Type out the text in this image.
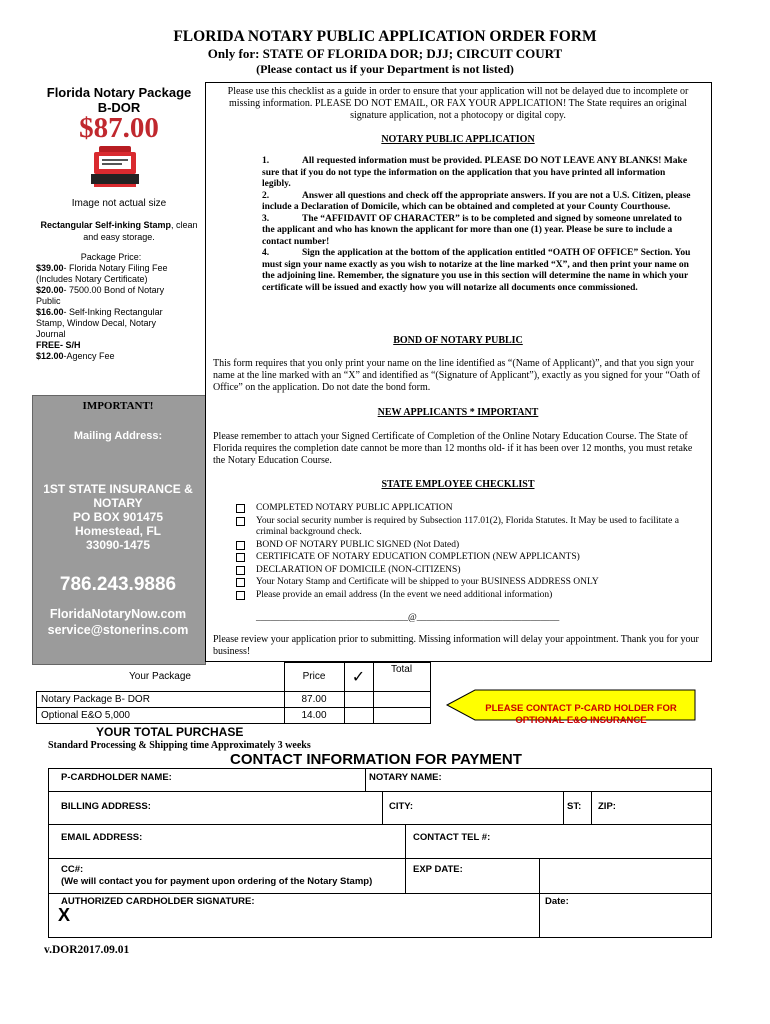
FLORIDA NOTARY PUBLIC APPLICATION ORDER FORM
Only for: STATE OF FLORIDA DOR; DJJ; CIRCUIT COURT
(Please contact us if your Department is not listed)
Florida Notary Package
B-DOR
$87.00
Image not actual size
Rectangular Self-inking Stamp, clean and easy storage.
Package Price:
$39.00- Florida Notary Filing Fee (Includes Notary Certificate)
$20.00- 7500.00 Bond of Notary Public
$16.00- Self-Inking Rectangular Stamp, Window Decal, Notary Journal
FREE- S/H
$12.00-Agency Fee
IMPORTANT!
Mailing Address:
1ST STATE INSURANCE &
NOTARY
PO BOX 901475
Homestead, FL
33090-1475
786.243.9886
FloridaNotaryNow.com
service@stonerins.com
Please use this checklist as a guide in order to ensure that your application will not be delayed due to incomplete or missing information. PLEASE DO NOT EMAIL, OR FAX YOUR APPLICATION! The State requires an original signature application, not a photocopy or digital copy.
NOTARY PUBLIC APPLICATION
1.	All requested information must be provided. PLEASE DO NOT LEAVE ANY BLANKS! Make sure that if you do not type the information on the application that you have printed all information legibly.
2.	Answer all questions and check off the appropriate answers. If you are not a U.S. Citizen, please include a Declaration of Domicile, which can be obtained and completed at your County Courthouse.
3.	The “AFFIDAVIT OF CHARACTER” is to be completed and signed by someone unrelated to the applicant and who has known the applicant for more than one (1) year. Please be sure to include a contact number!
4.	Sign the application at the bottom of the application entitled “OATH OF OFFICE” Section. You must sign your name exactly as you wish to notarize at the line marked “X”, and then print your name on the adjoining line. Remember, the signature you use in this section will determine the name in which your certificate will be issued and exactly how you will notarize all documents once commissioned.
BOND OF NOTARY PUBLIC
This form requires that you only print your name on the line identified as “(Name of Applicant)”, and that you sign your name at the line marked with an “X” and identified as “(Signature of Applicant”), exactly as you signed for your “Oath of Office” on the application. Do not date the bond form.
NEW APPLICANTS * IMPORTANT
Please remember to attach your Signed Certificate of Completion of the Online Notary Education Course. The State of Florida requires the completion date cannot be more than 12 months old- if it has been over 12 months, you must retake the Notary Education Course.
STATE EMPLOYEE CHECKLIST
COMPLETED NOTARY PUBLIC APPLICATION
Your social security number is required by Subsection 117.01(2), Florida Statutes. It May be used to facilitate a criminal background check.
BOND OF NOTARY PUBLIC SIGNED (Not Dated)
CERTIFICATE OF NOTARY EDUCATION COMPLETION (NEW APPLICANTS)
DECLARATION OF DOMICILE (NON-CITIZENS)
Your Notary Stamp and Certificate will be shipped to your BUSINESS ADDRESS ONLY
Please provide an email address (In the event we need additional information)
________________________________@______________________________
Please review your application prior to submitting. Missing information will delay your appointment. Thank you for your business!
Your Package	Price	✓	Total
Notary Package B- DOR	87.00		
Optional E&O 5,000	14.00		
PLEASE CONTACT P-CARD HOLDER FOR OPTIONAL E&O INSURANCE
YOUR TOTAL PURCHASE
Standard Processing & Shipping time Approximately 3 weeks
CONTACT INFORMATION FOR PAYMENT
P-CARDHOLDER NAME:	NOTARY NAME:
BILLING ADDRESS:	CITY:	ST: ZIP:
EMAIL ADDRESS:	CONTACT TEL #:
CC#:
(We will contact you for payment upon ordering of the Notary Stamp)
EXP DATE:
AUTHORIZED CARDHOLDER SIGNATURE:	Date:
X
v.DOR2017.09.01
